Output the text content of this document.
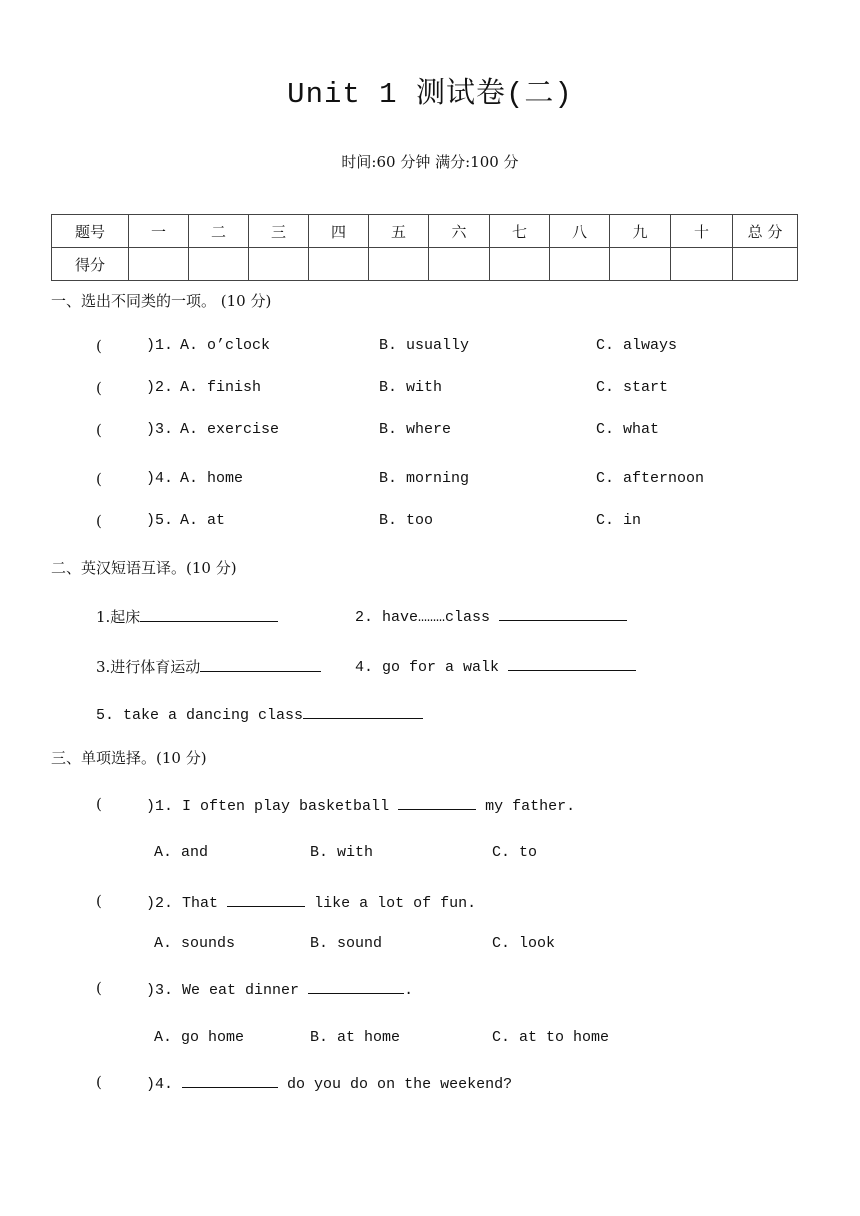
Unit 1 测试卷(二)
时间:60 分钟 满分:100 分
题号	一	二	三	四	五	六	七	八	九	十	总 分
得分											
一、选出不同类的一项。 (10 分)
(	)1. A. o’clock	B. usually	C. always
(	)2. A. finish	B. with	C. start
(	)3. A. exercise	B. where	C. what
(	)4. A. home	B. morning	C. afternoon
(	)5. A. at	B. too	C. in
二、英汉短语互译。(10 分)
1.起床	2. have………class
3.进行体育运动	4. go for a walk
5. take a dancing class
三、单项选择。(10 分)
(	)1. I often play basketball	my father.
A. and	B. with	C. to
(	)2. That	like a lot of fun.
A. sounds	B. sound	C. look
(	)3. We eat dinner	.
A. go home	B. at home	C. at to home
(	)4.	do you do on the weekend?
